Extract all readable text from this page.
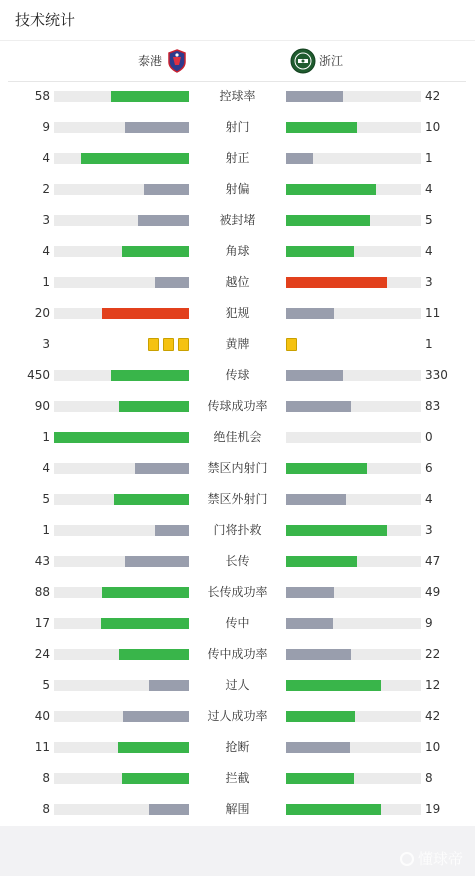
技术统计
泰港	浙江
58	控球率	42
9	射门	10
4	射正	1
2	射偏	4
3	被封堵	5
4	角球	4
1	越位	3
20	犯规	11
3	黄牌	1
450	传球	330
90	传球成功率	83
1	绝佳机会	0
4	禁区内射门	6
5	禁区外射门	4
1	门将扑救	3
43	长传	47
88	长传成功率	49
17	传中	9
24	传中成功率	22
5	过人	12
40	过人成功率	42
11	抢断	10
8	拦截	8
8	解围	19
懂球帝
